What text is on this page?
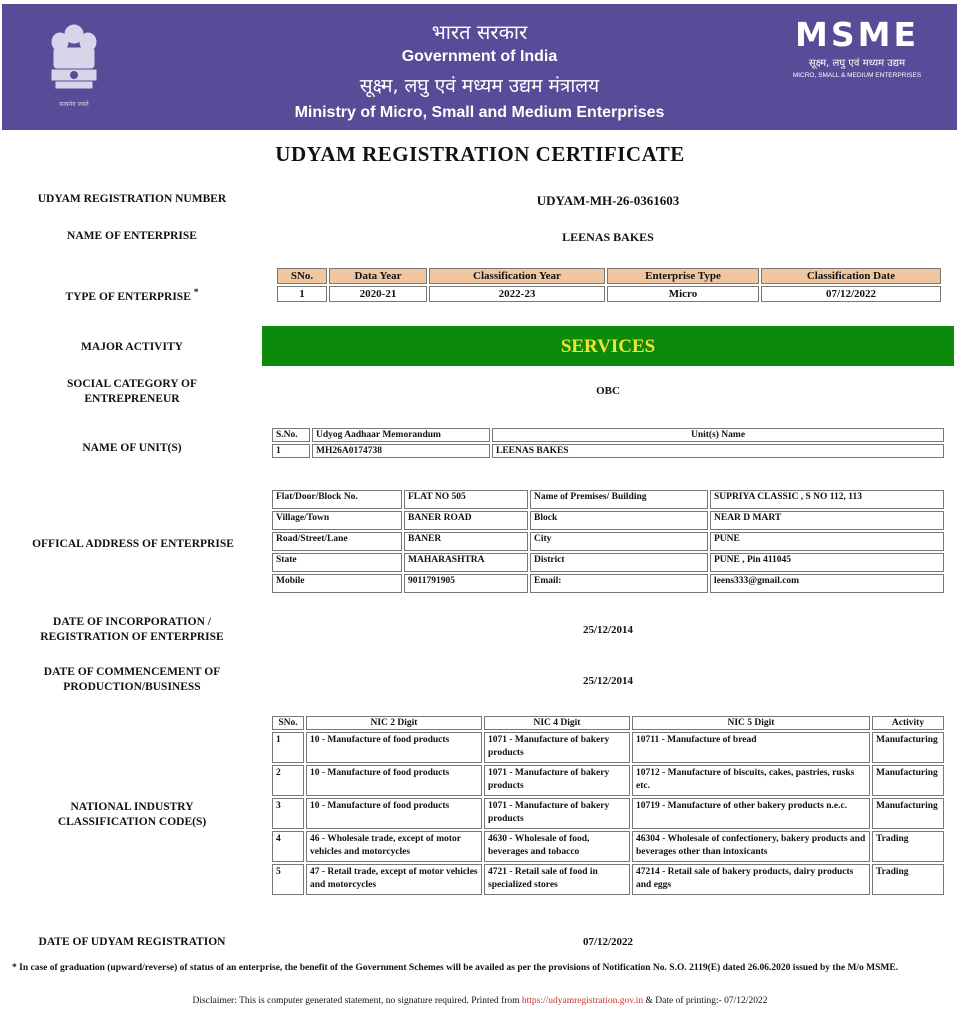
सत्यमेव जयते
भारत सरकार
Government of India
सूक्ष्म, लघु एवं मध्यम उद्यम मंत्रालय
Ministry of Micro, Small and Medium Enterprises
MSME
सूक्ष्म, लघु एवं मध्यम उद्यम
MICRO, SMALL & MEDIUM ENTERPRISES
UDYAM REGISTRATION CERTIFICATE
UDYAM REGISTRATION NUMBER	UDYAM-MH-26-0361603
NAME OF ENTERPRISE	LEENAS BAKES
TYPE OF ENTERPRISE *
SNo.	Data Year	Classification Year	Enterprise Type	Classification Date
1	2020-21	2022-23	Micro	07/12/2022
MAJOR ACTIVITY	SERVICES
SOCIAL CATEGORY OF
ENTREPRENEUR
OBC
NAME OF UNIT(S)
S.No.	Udyog Aadhaar Memorandum	Unit(s) Name
1	MH26A0174738	LEENAS BAKES
OFFICAL ADDRESS OF ENTERPRISE
Flat/Door/Block No.	FLAT NO 505	Name of Premises/ Building	SUPRIYA CLASSIC , S NO 112, 113
Village/Town	BANER ROAD	Block	NEAR D MART
Road/Street/Lane	BANER	City	PUNE
State	MAHARASHTRA	District	PUNE , Pin 411045
Mobile	9011791905	Email:	leens333@gmail.com
DATE OF INCORPORATION /
REGISTRATION OF ENTERPRISE
25/12/2014
DATE OF COMMENCEMENT OF
PRODUCTION/BUSINESS	25/12/2014
NATIONAL INDUSTRY
CLASSIFICATION CODE(S)
SNo.	NIC 2 Digit	NIC 4 Digit	NIC 5 Digit	Activity
1	10 - Manufacture of food products	1071 - Manufacture of bakery products	10711 - Manufacture of bread	Manufacturing
2	10 - Manufacture of food products	1071 - Manufacture of bakery products	10712 - Manufacture of biscuits, cakes, pastries, rusks etc.	Manufacturing
3	10 - Manufacture of food products	1071 - Manufacture of bakery products	10719 - Manufacture of other bakery products n.e.c.	Manufacturing
4	46 - Wholesale trade, except of motor vehicles and motorcycles	4630 - Wholesale of food, beverages and tobacco	46304 - Wholesale of confectionery, bakery products and beverages other than intoxicants	Trading
5	47 - Retail trade, except of motor vehicles and motorcycles	4721 - Retail sale of food in specialized stores	47214 - Retail sale of bakery products, dairy products and eggs	Trading
DATE OF UDYAM REGISTRATION	07/12/2022
* In case of graduation (upward/reverse) of status of an enterprise, the benefit of the Government Schemes will be availed as per the provisions of Notification No. S.O. 2119(E) dated 26.06.2020 issued by the M/o MSME.
Disclaimer: This is computer generated statement, no signature required. Printed from https://udyamregistration.gov.in & Date of printing:- 07/12/2022
